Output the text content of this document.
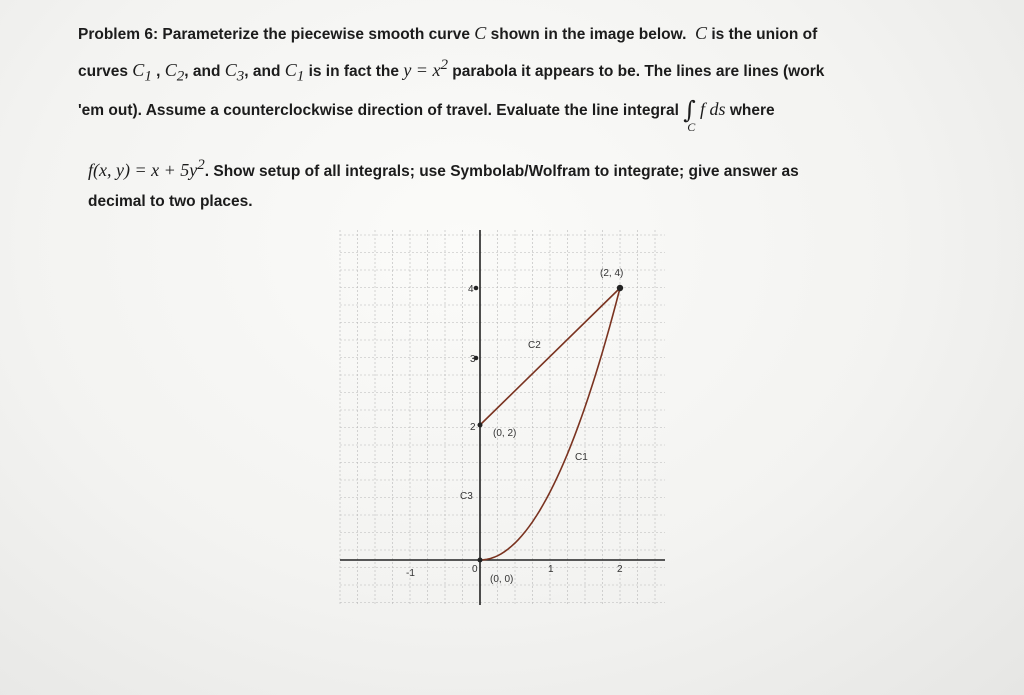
Problem 6: Parameterize the piecewise smooth curve C shown in the image below. C is the union of
curves $C_1$ , $C_2$, and $C_3$, and $C_1$ is in fact the $y = x^2$ parabola it appears to be. The lines are lines (work
'em out). Assume a counterclockwise direction of travel. Evaluate the line integral ∫ f ds
C
where
f(x, $y) = x + 5y^2$. Show setup of all integrals; use Symbolab/Wolfram to integrate; give answer as
decimal to two places.
(2, 4)
(0, 2)
(0, 0)
C2
C1
C3
-1	0	1	2
2
3
4
